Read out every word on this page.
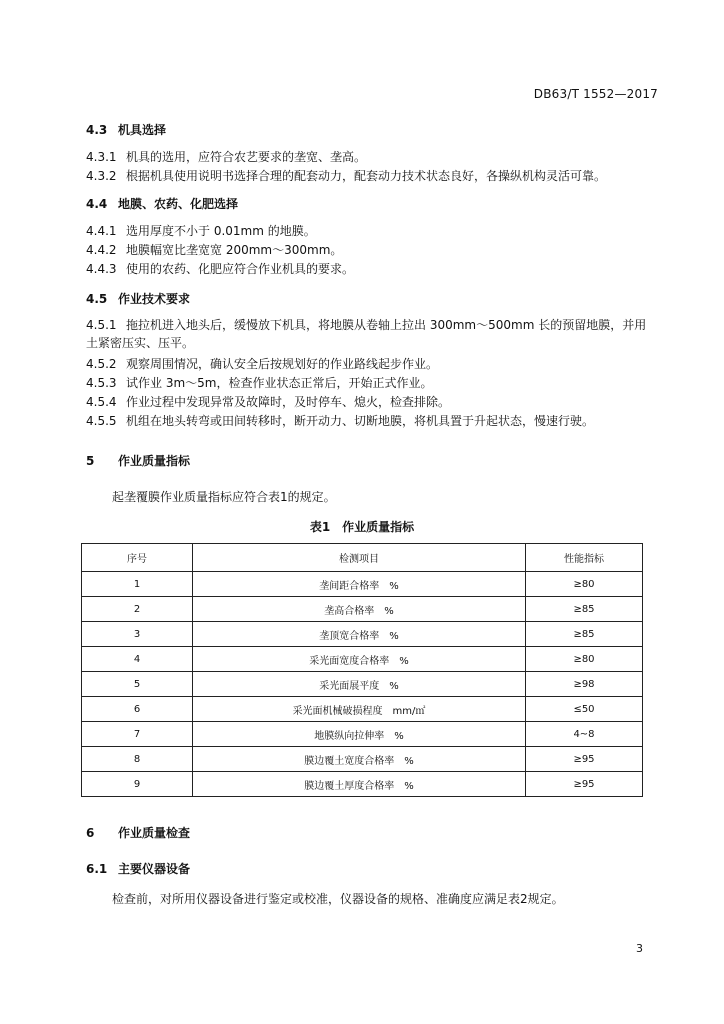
DB63/T 1552—2017
4.3 机具选择
4.3.1 机具的选用，应符合农艺要求的垄宽、垄高。
4.3.2 根据机具使用说明书选择合理的配套动力，配套动力技术状态良好，各操纵机构灵活可靠。
4.4 地膜、农药、化肥选择
4.4.1 选用厚度不小于 0.01mm 的地膜。
4.4.2 地膜幅宽比垄宽宽 200mm～300mm。
4.4.3 使用的农药、化肥应符合作业机具的要求。
4.5 作业技术要求
4.5.1 拖拉机进入地头后，缓慢放下机具，将地膜从卷轴上拉出 300mm～500mm 长的预留地膜，并用土紧密压实、压平。
4.5.2 观察周围情况，确认安全后按规划好的作业路线起步作业。
4.5.3 试作业 3m～5m，检查作业状态正常后，开始正式作业。
4.5.4 作业过程中发现异常及故障时，及时停车、熄火，检查排除。
4.5.5 机组在地头转弯或田间转移时，断开动力、切断地膜，将机具置于升起状态，慢速行驶。
5 作业质量指标
起垄覆膜作业质量指标应符合表1的规定。
表1 作业质量指标
序号	检测项目	性能指标
1	垄间距合格率　%	≥80
2	垄高合格率　%	≥85
3	垄顶宽合格率　%	≥85
4	采光面宽度合格率　%	≥80
5	采光面展平度　%	≥98
6	采光面机械破损程度　mm/㎡	≤50
7	地膜纵向拉伸率　%	4~8
8	膜边覆土宽度合格率　%	≥95
9	膜边覆土厚度合格率　%	≥95
6 作业质量检查
6.1 主要仪器设备
检查前，对所用仪器设备进行鉴定或校准，仪器设备的规格、准确度应满足表2规定。
3
